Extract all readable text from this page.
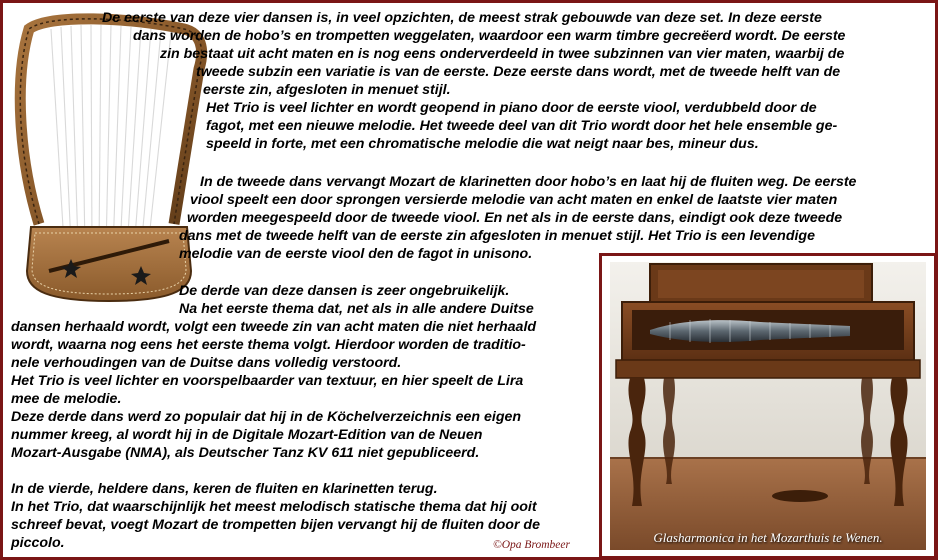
De eerste van deze vier dansen is, in veel opzichten, de meest strak gebouwde van deze set. In deze eerste
dans worden de hobo’s en trompetten weggelaten, waardoor een warm timbre gecreëerd wordt. De eerste
zin bestaat uit acht maten en is nog eens onderverdeeld in twee subzinnen van vier maten, waarbij de
tweede subzin een variatie is van de eerste. Deze eerste dans wordt, met de tweede helft van de
eerste zin, afgesloten in menuet stijl.
Het Trio is veel lichter en wordt geopend in piano door de eerste viool, verdubbeld door de
fagot, met een nieuwe melodie. Het tweede deel van dit Trio wordt door het hele ensemble ge-
speeld in forte, met een chromatische melodie die wat neigt naar bes, mineur dus.
In de tweede dans vervangt Mozart de klarinetten door hobo’s en laat hij de fluiten weg. De eerste
viool speelt een door sprongen versierde melodie van acht maten en enkel de laatste vier maten
worden meegespeeld door de tweede viool. En net als in de eerste dans, eindigt ook deze tweede
dans met de tweede helft van de eerste zin afgesloten in menuet stijl. Het Trio is een levendige
melodie van de eerste viool den de fagot in unisono.
De derde van deze dansen is zeer ongebruikelijk.
Na het eerste thema dat, net als in alle andere Duitse
dansen herhaald wordt, volgt een tweede zin van acht maten die niet herhaald
wordt, waarna nog eens het eerste thema volgt. Hierdoor worden de traditio-
nele verhoudingen van de Duitse dans volledig verstoord.
Het Trio is veel lichter en voorspelbaarder van textuur, en hier speelt de Lira
mee de melodie.
Deze derde dans werd zo populair dat hij in de Köchelverzeichnis een eigen
nummer kreeg, al wordt hij in de Digitale Mozart-Edition van de Neuen
Mozart-Ausgabe (NMA), als Deutscher Tanz KV 611 niet gepubliceerd.
In de vierde, heldere dans, keren de fluiten en klarinetten terug.
In het Trio, dat waarschijnlijk het meest melodisch statische thema dat hij ooit
schreef bevat, voegt Mozart de trompetten bijen vervangt hij de fluiten door de
piccolo.	©Opa Brombeer	Glasharmonica in het Mozarthuis te Wenen.
